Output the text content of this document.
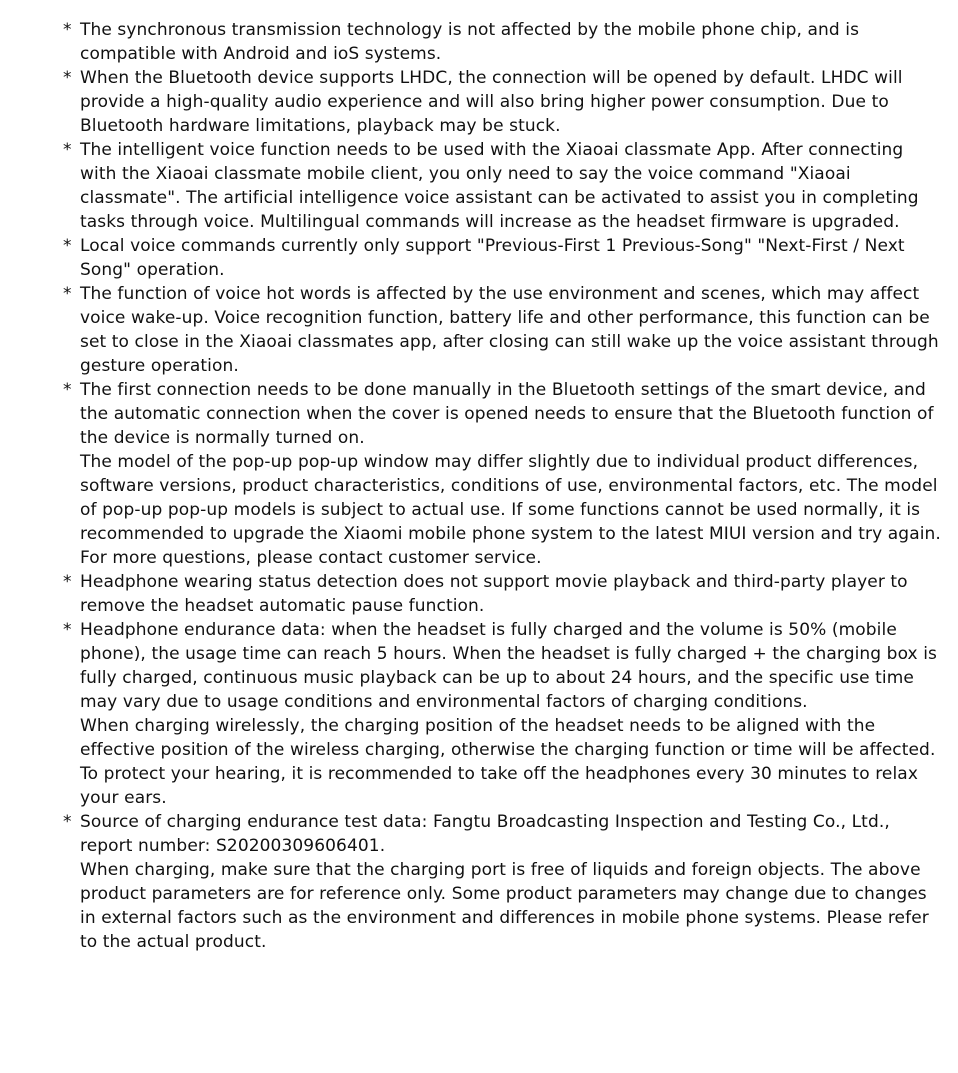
* The synchronous transmission technology is not affected by the mobile phone chip, and is compatible with Android and ioS systems.
* When the Bluetooth device supports LHDC, the connection will be opened by default. LHDC will provide a high-quality audio experience and will also bring higher power consumption. Due to Bluetooth hardware limitations, playback may be stuck.
* The intelligent voice function needs to be used with the Xiaoai classmate App. After connecting with the Xiaoai classmate mobile client, you only need to say the voice command "Xiaoai classmate". The artificial intelligence voice assistant can be activated to assist you in completing tasks through voice. Multilingual commands will increase as the headset firmware is upgraded.
* Local voice commands currently only support "Previous-First 1 Previous-Song" "Next-First / Next Song" operation.
* The function of voice hot words is affected by the use environment and scenes, which may affect voice wake-up. Voice recognition function, battery life and other performance, this function can be set to close in the Xiaoai classmates app, after closing can still wake up the voice assistant through gesture operation.
* The first connection needs to be done manually in the Bluetooth settings of the smart device, and the automatic connection when the cover is opened needs to ensure that the Bluetooth function of the device is normally turned on.
The model of the pop-up pop-up window may differ slightly due to individual product differences, software versions, product characteristics, conditions of use, environmental factors, etc. The model of pop-up pop-up models is subject to actual use. If some functions cannot be used normally, it is recommended to upgrade the Xiaomi mobile phone system to the latest MIUI version and try again. For more questions, please contact customer service.
* Headphone wearing status detection does not support movie playback and third-party player to remove the headset automatic pause function.
* Headphone endurance data: when the headset is fully charged and the volume is 50% (mobile phone), the usage time can reach 5 hours. When the headset is fully charged + the charging box is fully charged, continuous music playback can be up to about 24 hours, and the specific use time may vary due to usage conditions and environmental factors of charging conditions.
When charging wirelessly, the charging position of the headset needs to be aligned with the effective position of the wireless charging, otherwise the charging function or time will be affected.
To protect your hearing, it is recommended to take off the headphones every 30 minutes to relax your ears.
* Source of charging endurance test data: Fangtu Broadcasting Inspection and Testing Co., Ltd., report number: S20200309606401.
When charging, make sure that the charging port is free of liquids and foreign objects. The above product parameters are for reference only. Some product parameters may change due to changes in external factors such as the environment and differences in mobile phone systems. Please refer to the actual product.
